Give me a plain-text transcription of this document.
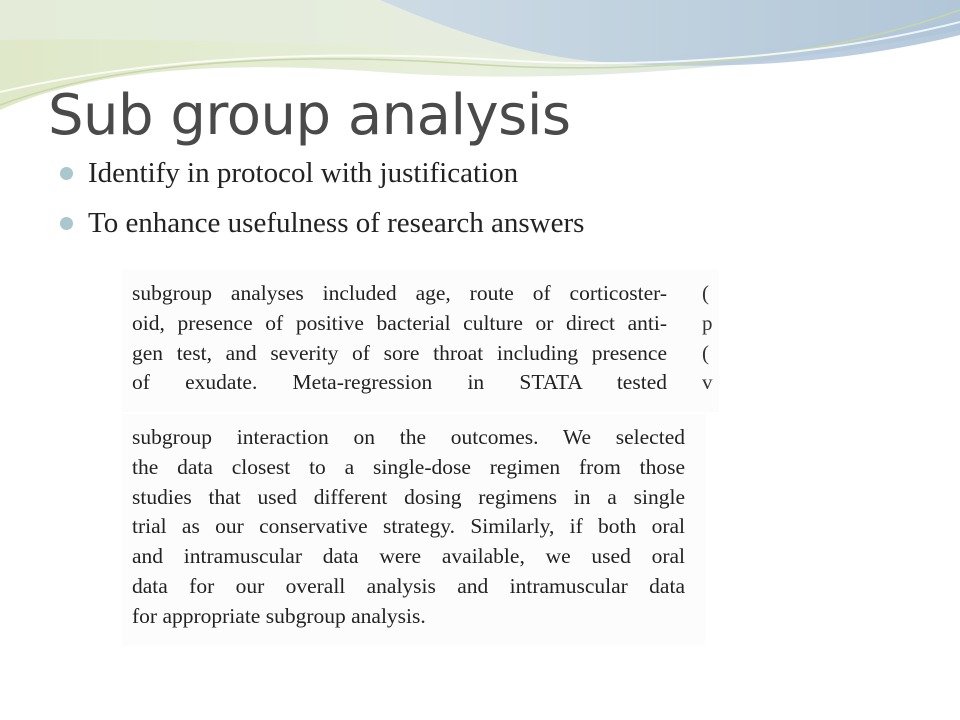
Sub group analysis
Identify in protocol with justification
To enhance usefulness of research answers
subgroup analyses included age, route of corticoster-
oid, presence of positive bacterial culture or direct anti-
gen test, and severity of sore throat including presence
of exudate. Meta-regression in STATA tested
(
p
(
v
subgroup interaction on the outcomes. We selected
the data closest to a single-dose regimen from those
studies that used different dosing regimens in a single
trial as our conservative strategy. Similarly, if both oral
and intramuscular data were available, we used oral
data for our overall analysis and intramuscular data
for appropriate subgroup analysis.
